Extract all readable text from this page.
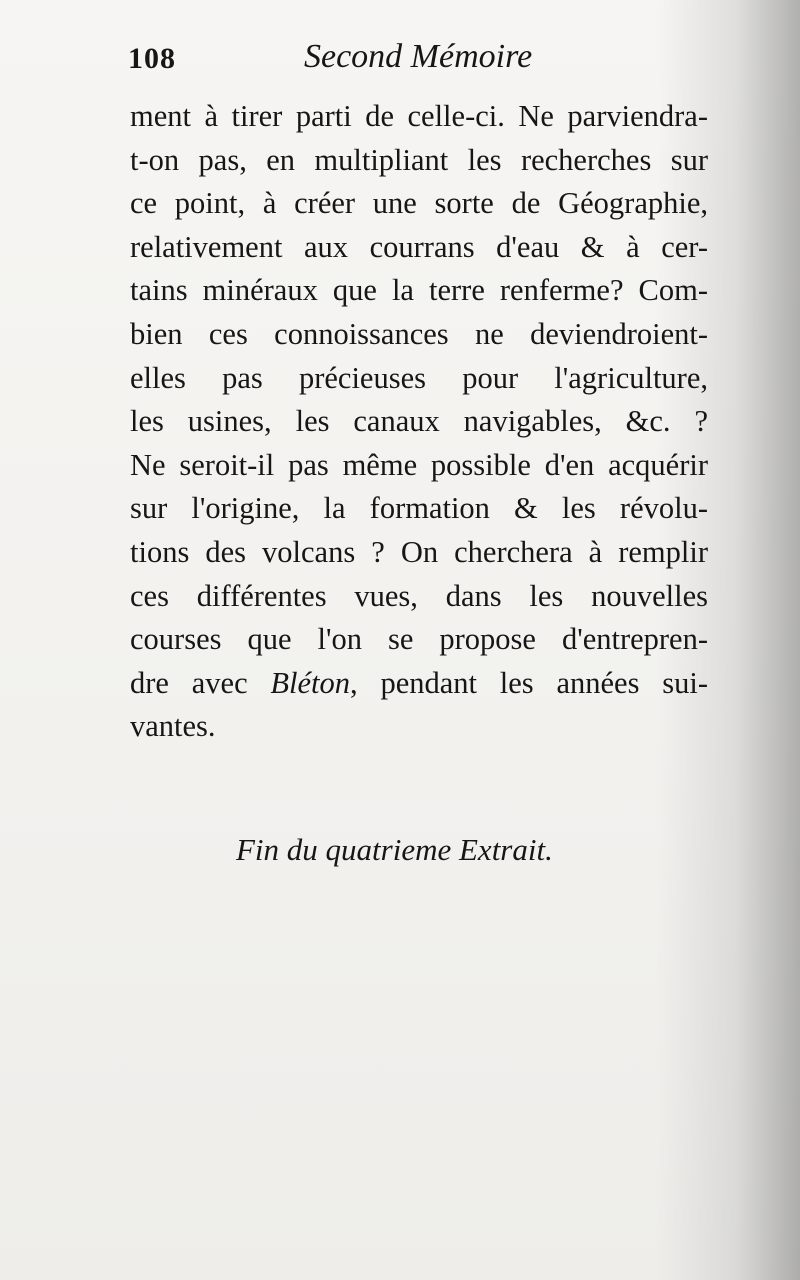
108	Second Mémoire
ment à tirer parti de celle-ci. Ne parviendra-
t-on pas, en multipliant les recherches sur
ce point, à créer une sorte de Géographie,
relativement aux courrans d'eau & à cer-
tains minéraux que la terre renferme? Com-
bien ces connoissances ne deviendroient-
elles pas précieuses pour l'agriculture,
les usines, les canaux navigables, &c. ?
Ne seroit-il pas même possible d'en acquérir
sur l'origine, la formation & les révolu-
tions des volcans ? On cherchera à remplir
ces différentes vues, dans les nouvelles
courses que l'on se propose d'entrepren-
dre avec Bléton, pendant les années sui-
vantes.
Fin du quatrieme Extrait.
